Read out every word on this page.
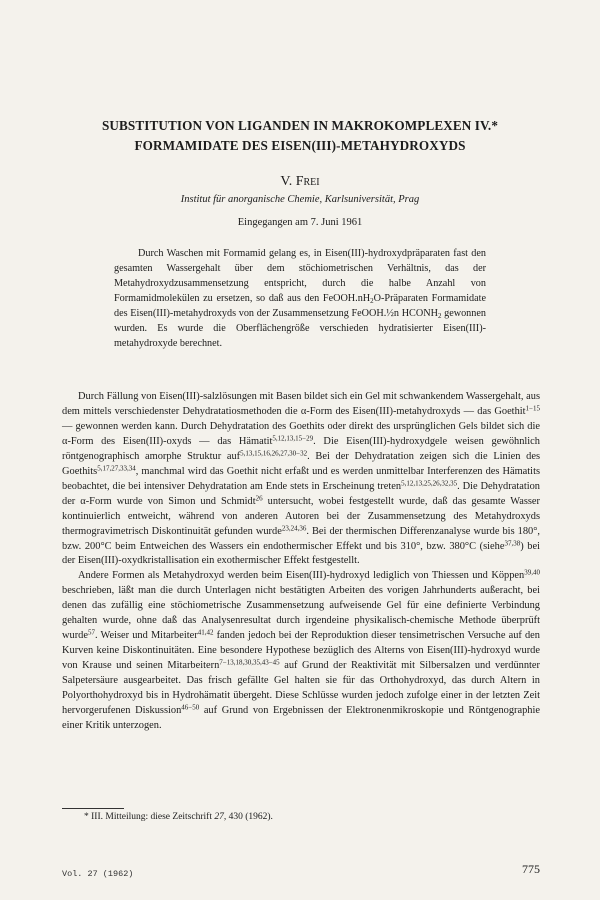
SUBSTITUTION VON LIGANDEN IN MAKROKOMPLEXEN IV.*
FORMAMIDATE DES EISEN(III)-METAHYDROXYDS
V. Frei
Institut für anorganische Chemie, Karlsuniversität, Prag
Eingegangen am 7. Juni 1961

Durch Waschen mit Formamid gelang es, in Eisen(III)-hydroxydpräparaten fast den gesamten Wassergehalt über dem stöchiometrischen Verhältnis, das der Metahydroxydzusammensetzung entspricht, durch die halbe Anzahl von Formamidmolekülen zu ersetzen, so daß aus den $FeOOH.nH_2O$-Präparaten Formamidate des Eisen(III)-metahydroxyds von der Zusammensetzung FeOOH.½n $HCONH_2$ gewonnen wurden. Es wurde die Oberflächengröße verschieden hydratisierter Eisen(III)-metahydroxyde berechnet.

Durch Fällung von Eisen(III)-salzlösungen mit Basen bildet sich ein Gel mit schwankendem Wassergehalt, aus dem mittels verschiedenster Dehydratatiosmethoden die α-Form des Eisen(III)-metahydroxyds — das Goethit$^{1-15}$ — gewonnen werden kann. Durch Dehydratation des Goethits oder direkt des ursprünglichen Gels bildet sich die α-Form des Eisen(III)-oxyds — das Hämatit$^{5,12,13,15-29}$. Die Eisen(III)-hydroxydgele weisen gewöhnlich röntgenographisch amorphe Struktur auf$^{5,13,15,16,26,27,30-32}$. Bei der Dehydratation zeigen sich die Linien des Goethits$^{5,17,27,33,34}$, manchmal wird das Goethit nicht erfaßt und es werden unmittelbar Interferenzen des Hämatits beobachtet, die bei intensiver Dehydratation am Ende stets in Erscheinung treten$^{5,12,13,25,26,32,35}$. Die Dehydratation der α-Form wurde von Simon und Schmidt$^{26}$ untersucht, wobei festgestellt wurde, daß das gesamte Wasser kontinuierlich entweicht, während von anderen Autoren bei der Zusammensetzung des Metahydroxyds thermogravimetrisch Diskontinuität gefunden wurde$^{23,24,36}$. Bei der thermischen Differenzanalyse wurde bis 180°, bzw. 200°C beim Entweichen des Wassers ein endothermischer Effekt und bis 310°, bzw. 380°C (siehe$^{37,38}$) bei der Eisen(III)-oxydkristallisation ein exothermischer Effekt festgestellt.

Andere Formen als Metahydroxyd werden beim Eisen(III)-hydroxyd lediglich von Thiessen und Köppen$^{39,40}$ beschrieben, läßt man die durch Unterlagen nicht bestätigten Arbeiten des vorigen Jahrhunderts außeracht, bei denen das zufällig eine stöchiometrische Zusammensetzung aufweisende Gel für eine definierte Verbindung gehalten wurde, ohne daß das Analysenresultat durch irgendeine physikalisch-chemische Methode überprüft wurde$^{57}$. Weiser und Mitarbeiter$^{41,42}$ fanden jedoch bei der Reproduktion dieser tensimetrischen Versuche auf den Kurven keine Diskontinuitäten. Eine besondere Hypothese bezüglich des Alterns von Eisen(III)-hydroxyd wurde von Krause und seinen Mitarbeitern$^{7-13,18,30,35,43-45}$ auf Grund der Reaktivität mit Silbersalzen und verdünnter Salpetersäure ausgearbeitet. Das frisch gefällte Gel halten sie für das Orthohydroxyd, das durch Altern in Polyorthohydroxyd bis in Hydrohämatit übergeht. Diese Schlüsse wurden jedoch zufolge einer in der letzten Zeit hervorgerufenen Diskussion$^{46-50}$ auf Grund von Ergebnissen der Elektronenmikroskopie und Röntgenographie einer Kritik unterzogen.

* III. Mitteilung: diese Zeitschrift 27, 430 (1962).
Vol. 27 (1962)	775
